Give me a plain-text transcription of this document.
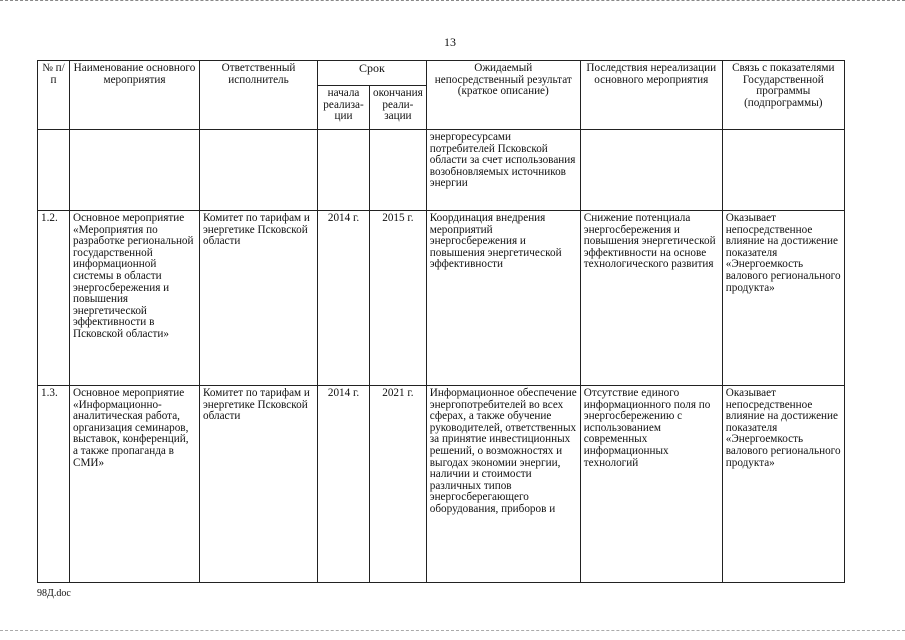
13
№ п/п	Наименование основного мероприятия	Ответственный исполнитель	Срок		Ожидаемый непосредственный результат (краткое описание)	Последствия нереализации основного мероприятия	Связь с показателями Государственной программы (подпрограммы)
			начала реализа-ции	окончания реали-зации			
					энергоресурсами потребителей Псковской области за счет использования возобновляемых источников энергии		
1.2.	Основное мероприятие «Мероприятия по разработке региональной государственной информационной системы в области энергосбережения и повышения энергетической эффективности в Псковской области»	Комитет по тарифам и энергетике Псковской области	2014 г.	2015 г.	Координация внедрения мероприятий энергосбережения и повышения энергетической эффективности	Снижение потенциала энергосбережения и повышения энергетической эффективности на основе технологического развития	Оказывает непосредственное влияние на достижение показателя «Энергоемкость валового регионального продукта»
1.3.	Основное мероприятие «Информационно-аналитическая работа, организация семинаров, выставок, конференций, а также пропаганда в СМИ»	Комитет по тарифам и энергетике Псковской области	2014 г.	2021 г.	Информационное обеспечение энергопотребителей во всех сферах, а также обучение руководителей, ответственных за принятие инвестиционных решений, о возможностях и выгодах экономии энергии, наличии и стоимости различных типов энергосберегающего оборудования, приборов и	Отсутствие единого информационного поля по энергосбережению с использованием современных информационных технологий	Оказывает непосредственное влияние на достижение показателя «Энергоемкость валового регионального продукта»
98Д.doc
